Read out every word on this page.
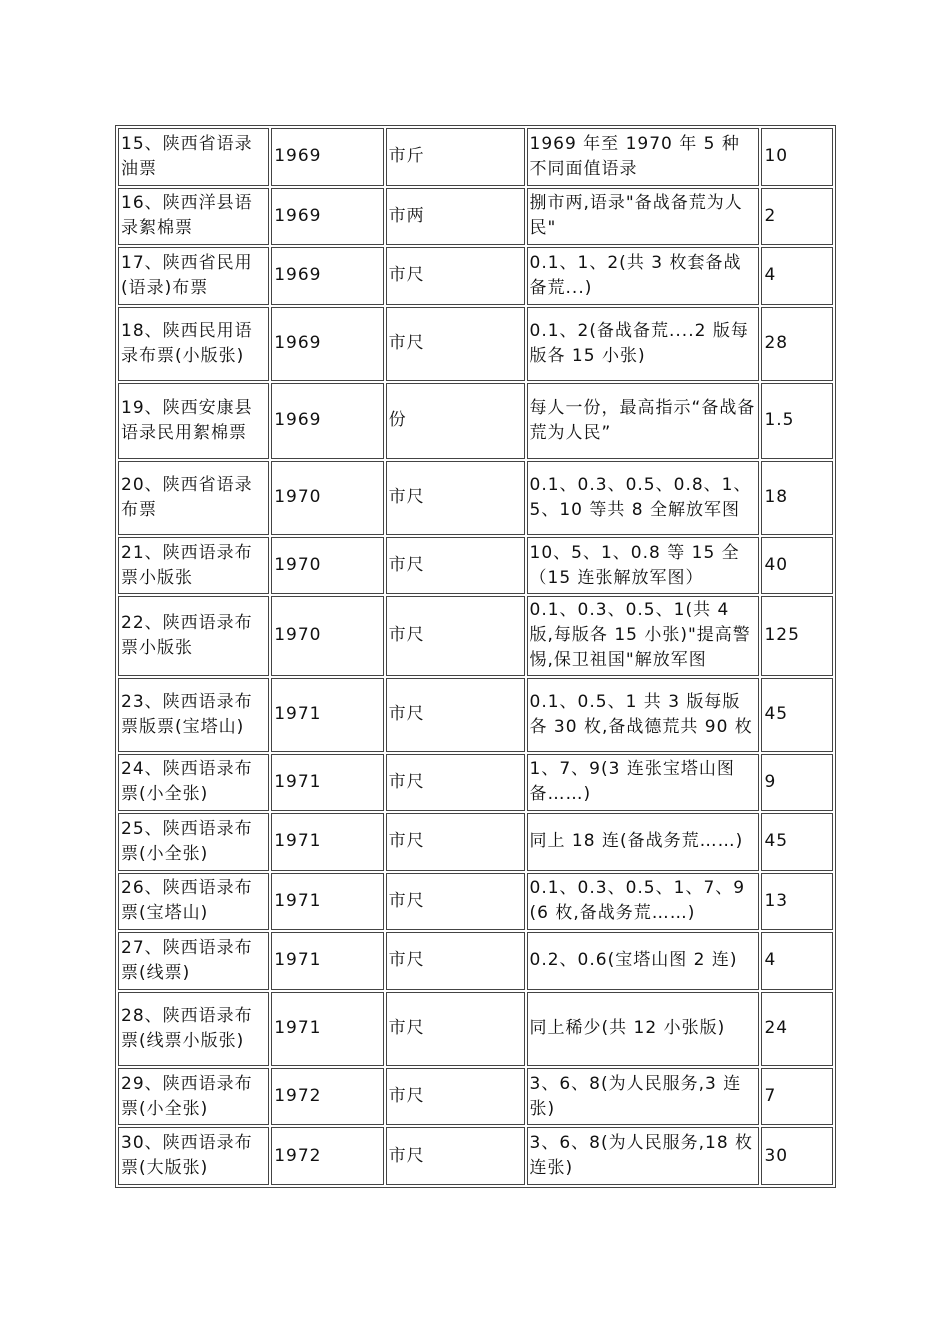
15、陕西省语录油票	1969	市斤	1969 年至 1970 年 5 种不同面值语录	10
16、陕西洋县语录絮棉票	1969	市两	捌市两,语录"备战备荒为人民"	2
17、陕西省民用(语录)布票	1969	市尺	0.1、1、2(共 3 枚套备战备荒...)	4
18、陕西民用语录布票(小版张)	1969	市尺	0.1、2(备战备荒....2 版每版各 15 小张)	28
19、陕西安康县语录民用絮棉票	1969	份	每人一份，最高指示“备战备荒为人民”	1.5
20、陕西省语录布票	1970	市尺	0.1、0.3、0.5、0.8、1、5、10 等共 8 全解放军图	18
21、陕西语录布票小版张	1970	市尺	10、5、1、0.8 等 15 全（15 连张解放军图）	40
22、陕西语录布票小版张	1970	市尺	0.1、0.3、0.5、1(共 4 版,每版各 15 小张)"提高警惕,保卫祖国"解放军图	125
23、陕西语录布票版票(宝塔山)	1971	市尺	0.1、0.5、1 共 3 版每版各 30 枚,备战德荒共 90 枚	45
24、陕西语录布票(小全张)	1971	市尺	1、7、9(3 连张宝塔山图备……)	9
25、陕西语录布票(小全张)	1971	市尺	同上 18 连(备战务荒……)	45
26、陕西语录布票(宝塔山)	1971	市尺	0.1、0.3、0.5、1、7、9(6 枚,备战务荒……)	13
27、陕西语录布票(线票)	1971	市尺	0.2、0.6(宝塔山图 2 连)	4
28、陕西语录布票(线票小版张)	1971	市尺	同上稀少(共 12 小张版)	24
29、陕西语录布票(小全张)	1972	市尺	3、6、8(为人民服务,3 连张)	7
30、陕西语录布票(大版张)	1972	市尺	3、6、8(为人民服务,18 枚连张)	30
